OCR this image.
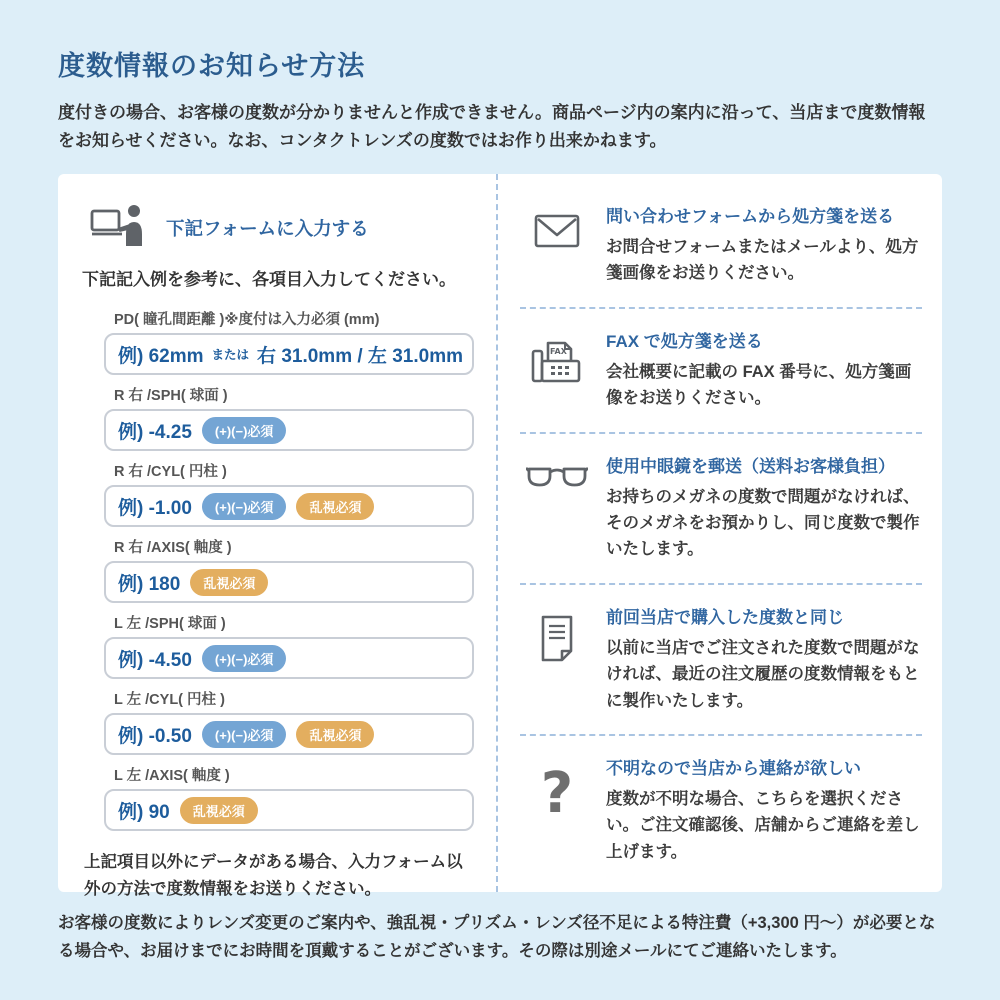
度数情報のお知らせ方法

度付きの場合、お客様の度数が分かりませんと作成できません。商品ページ内の案内に沿って、当店まで度数情報をお知らせください。なお、コンタクトレンズの度数ではお作り出来かねます。

下記フォームに入力する

下記記入例を参考に、各項目入力してください。

PD( 瞳孔間距離 )※度付は入力必須 (mm)
例) 62mm または 右 31.0mm / 左 31.0mm
R 右 /SPH( 球面 )
例) -4.25	(+)(−)必須
R 右 /CYL( 円柱 )
例) -1.00	(+)(−)必須	乱視必須
R 右 /AXIS( 軸度 )
例) 180	乱視必須
L 左 /SPH( 球面 )
例) -4.50	(+)(−)必須
L 左 /CYL( 円柱 )
例) -0.50	(+)(−)必須	乱視必須
L 左 /AXIS( 軸度 )
例) 90	乱視必須

上記項目以外にデータがある場合、入力フォーム以外の方法で度数情報をお送りください。

問い合わせフォームから処方箋を送る

お問合せフォームまたはメールより、処方箋画像をお送りください。

FAX
FAX で処方箋を送る

会社概要に記載の FAX 番号に、処方箋画像をお送りください。

使用中眼鏡を郵送（送料お客様負担）

お持ちのメガネの度数で問題がなければ、そのメガネをお預かりし、同じ度数で製作いたします。

前回当店で購入した度数と同じ

以前に当店でご注文された度数で問題がなければ、最近の注文履歴の度数情報をもとに製作いたします。

? 不明なので当店から連絡が欲しい

度数が不明な場合、こちらを選択ください。ご注文確認後、店舗からご連絡を差し上げます。

お客様の度数によりレンズ変更のご案内や、強乱視・プリズム・レンズ径不足による特注費（+3,300 円〜）が必要となる場合や、お届けまでにお時間を頂戴することがございます。その際は別途メールにてご連絡いたします。
